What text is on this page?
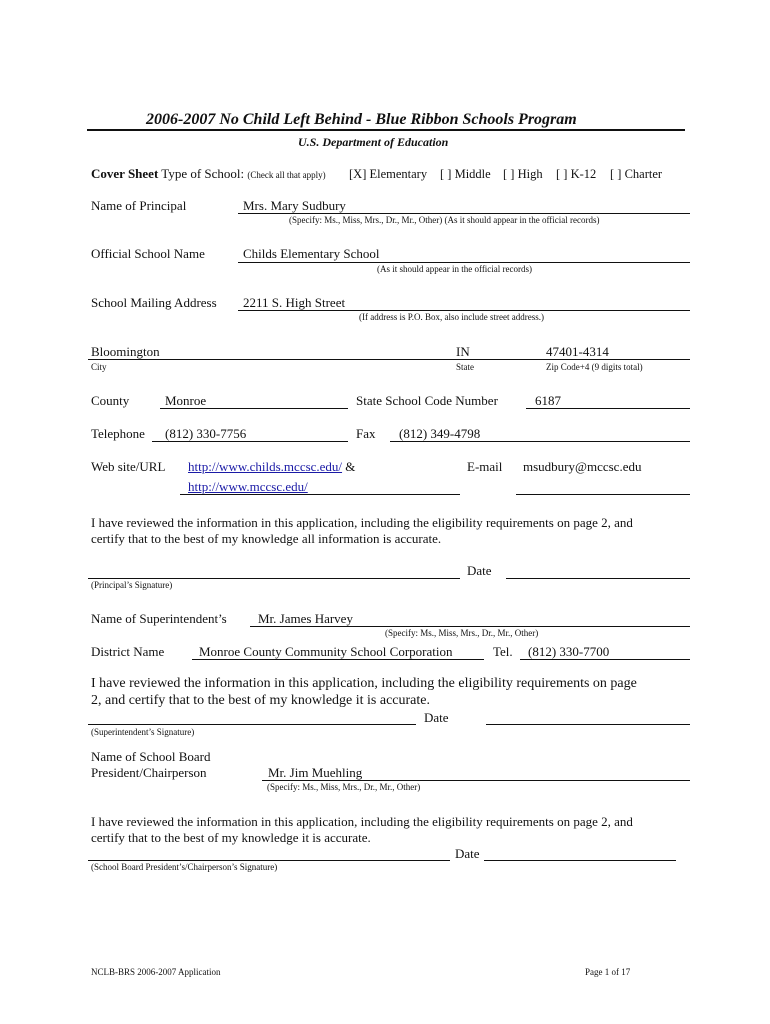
2006-2007 No Child Left Behind - Blue Ribbon Schools Program
U.S. Department of Education
Cover Sheet Type of School: (Check all that apply) [X] Elementary [ ] Middle [ ] High [ ] K-12 [ ] Charter
Name of Principal	Mrs. Mary Sudbury
(Specify: Ms., Miss, Mrs., Dr., Mr., Other) (As it should appear in the official records)
Official School Name	Childs Elementary School
(As it should appear in the official records)
School Mailing Address 2211 S. High Street
(If address is P.O. Box, also include street address.)
Bloomington	IN	47401-4314
City	State	Zip Code+4 (9 digits total)
County	Monroe	State School Code Number	6187
Telephone (812) 330-7756	Fax (812) 349-4798
Web site/URL http://www.childs.mccsc.edu/ &
http://www.mccsc.edu/
E-mail msudbury@mccsc.edu
I have reviewed the information in this application, including the eligibility requirements on page 2, and
certify that to the best of my knowledge all information is accurate.
Date
(Principal’s Signature)
Name of Superintendent’s Mr. James Harvey
(Specify: Ms., Miss, Mrs., Dr., Mr., Other)
District Name	Monroe County Community School Corporation	Tel. (812) 330-7700
I have reviewed the information in this application, including the eligibility requirements on page
2, and certify that to the best of my knowledge it is accurate.
Date
(Superintendent’s Signature)
Name of School Board
President/Chairperson	Mr. Jim Muehling
(Specify: Ms., Miss, Mrs., Dr., Mr., Other)
I have reviewed the information in this application, including the eligibility requirements on page 2, and
certify that to the best of my knowledge it is accurate.
Date
(School Board President’s/Chairperson’s Signature)
NCLB-BRS 2006-2007 Application	Page 1 of 17
